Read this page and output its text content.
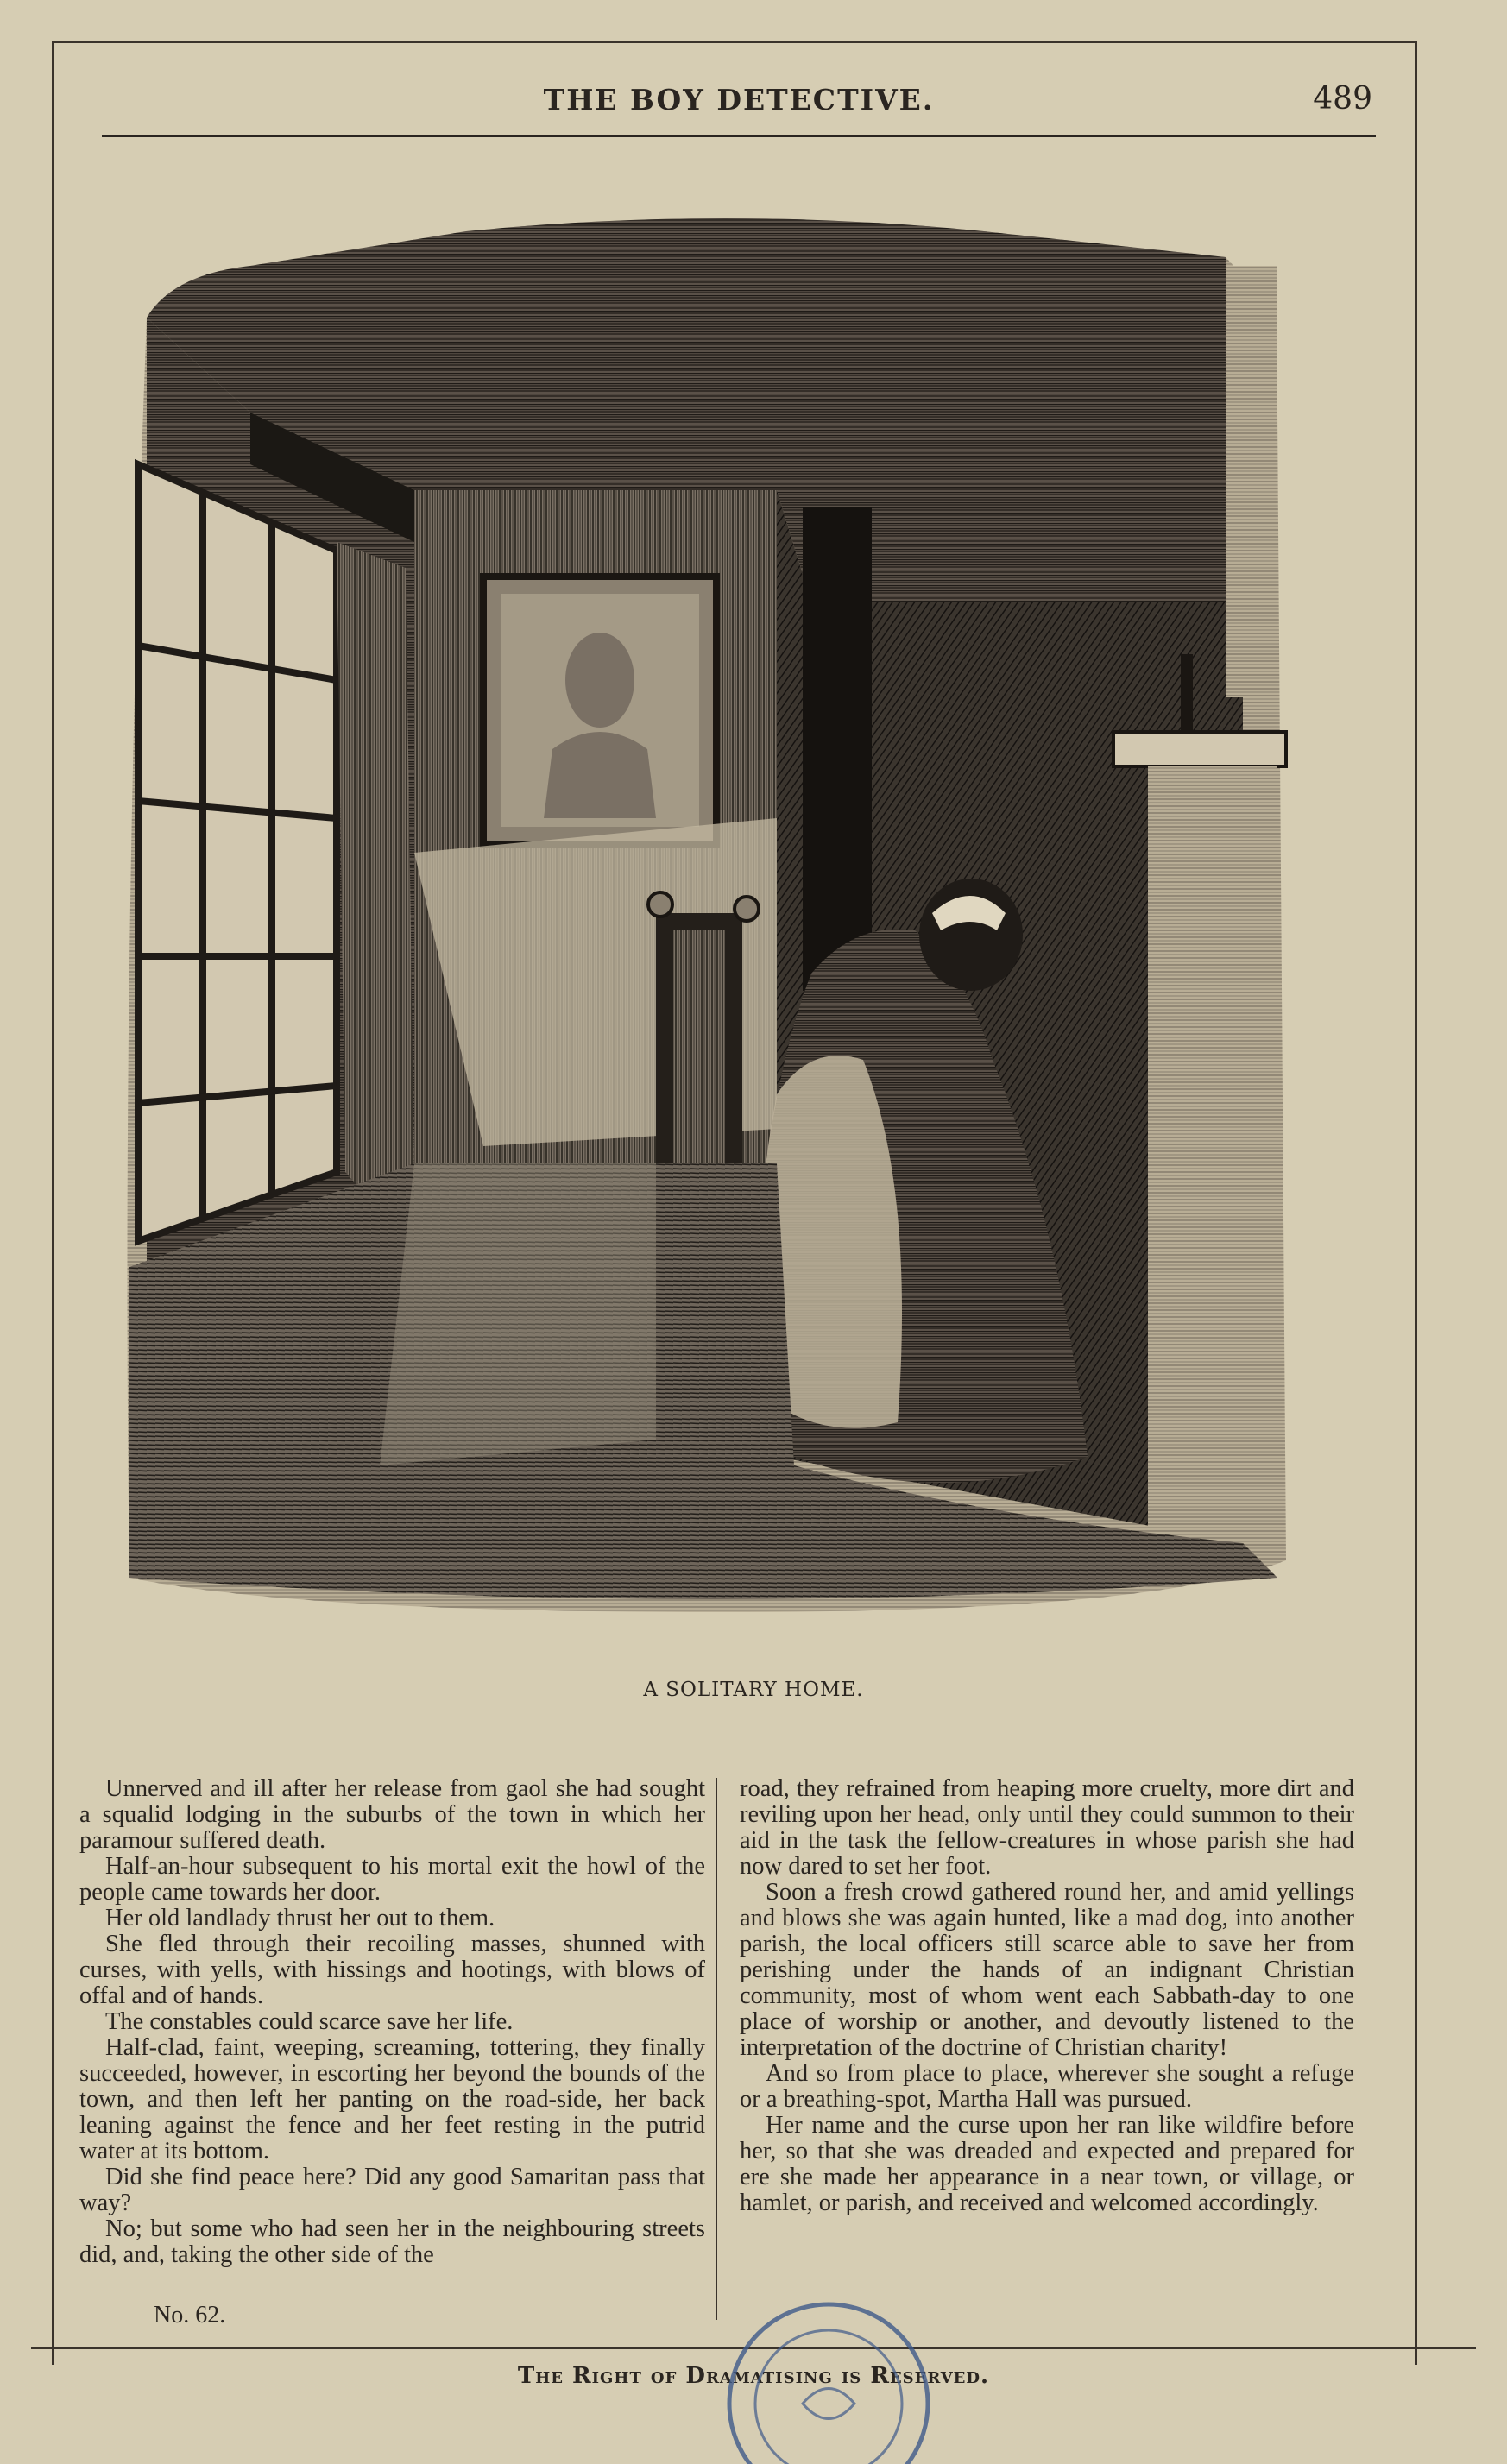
THE BOY DETECTIVE.	489
A SOLITARY HOME.

Unnerved and ill after her release from gaol she had sought a squalid lodging in the suburbs of the town in which her paramour suffered death.

Half-an-hour subsequent to his mortal exit the howl of the people came towards her door.

Her old landlady thrust her out to them.

She fled through their recoiling masses, shunned with curses, with yells, with hissings and hootings, with blows of offal and of hands.

The constables could scarce save her life.

Half-clad, faint, weeping, screaming, tottering, they finally succeeded, however, in escorting her beyond the bounds of the town, and then left her panting on the road-side, her back leaning against the fence and her feet resting in the putrid water at its bottom.

Did she find peace here? Did any good Samaritan pass that way?

No; but some who had seen her in the neighbouring streets did, and, taking the other side of the

road, they refrained from heaping more cruelty, more dirt and reviling upon her head, only until they could summon to their aid in the task the fellow-creatures in whose parish she had now dared to set her foot.

Soon a fresh crowd gathered round her, and amid yellings and blows she was again hunted, like a mad dog, into another parish, the local officers still scarce able to save her from perishing under the hands of an indignant Christian community, most of whom went each Sabbath-day to one place of worship or another, and devoutly listened to the interpretation of the doctrine of Christian charity!

And so from place to place, wherever she sought a refuge or a breathing-spot, Martha Hall was pursued.

Her name and the curse upon her ran like wildfire before her, so that she was dreaded and expected and prepared for ere she made her appearance in a near town, or village, or hamlet, or parish, and received and welcomed accordingly.

No. 62.
The Right of Dramatising is Reserved.
